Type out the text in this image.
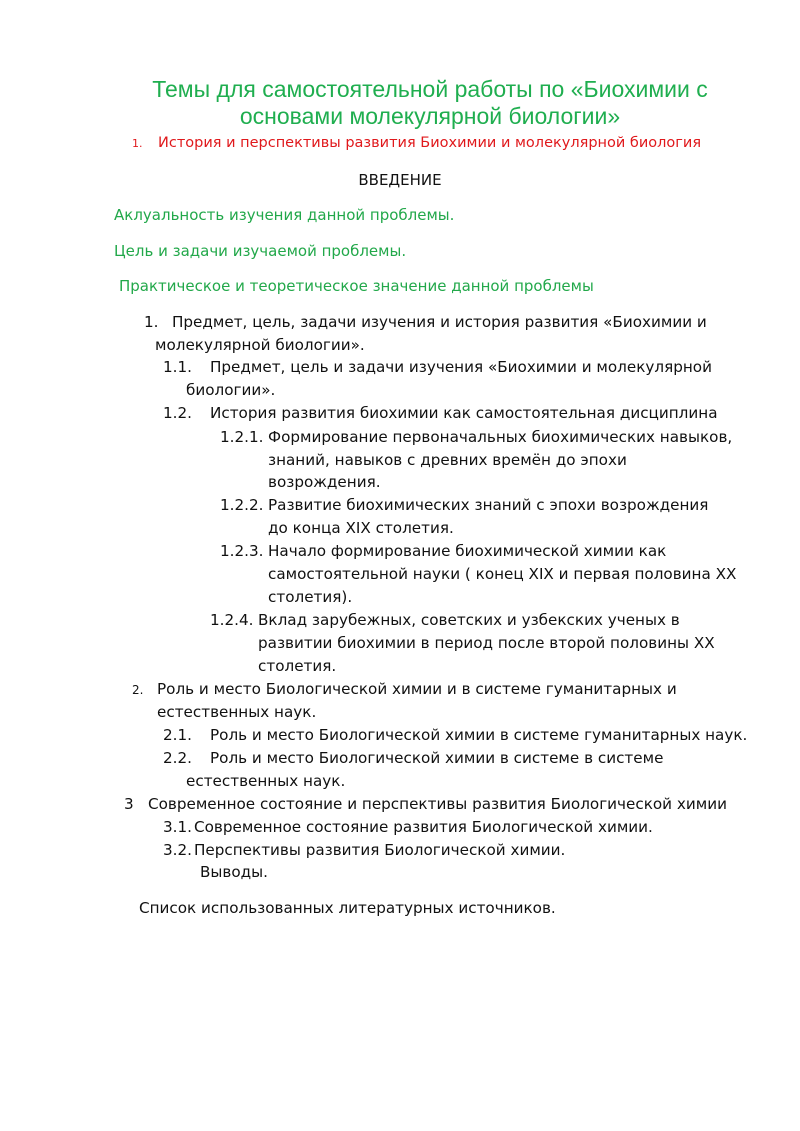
Темы для самостоятельной работы по «Биохимии с
основами молекулярной биологии»
1. История и перспективы развития Биохимии и молекулярной биология
ВВЕДЕНИЕ
Аклуальность изучения данной проблемы.
Цель и задачи изучаемой проблемы.
Практическое и теоретическое значение данной проблемы
1. Предмет, цель, задачи изучения и история развития «Биохимии и
молекулярной биологии».
1.1. Предмет, цель и задачи изучения «Биохимии и молекулярной
биологии».
1.2. История развития биохимии как самостоятельная дисциплина
1.2.1. Формирование первоначальных биохимических навыков,
знаний, навыков с древних времён до эпохи
возрождения.
1.2.2. Развитие биохимических знаний с эпохи возрождения
до конца XIX столетия.
1.2.3. Начало формирование биохимической химии как
самостоятельной науки ( конец XIX и первая половина XX
столетия).
1.2.4. Вклад зарубежных, советских и узбекских ученых в
развитии биохимии в период после второй половины XX
столетия.
2. Роль и место Биологической химии и в системе гуманитарных и
естественных наук.
2.1. Роль и место Биологической химии в системе гуманитарных наук.
2.2. Роль и место Биологической химии в системе в системе
естественных наук.
3 Современное состояние и перспективы развития Биологической химии
3.1. Современное состояние развития Биологической химии.
3.2. Перспективы развития Биологической химии.
Выводы.
Список использованных литературных источников.
